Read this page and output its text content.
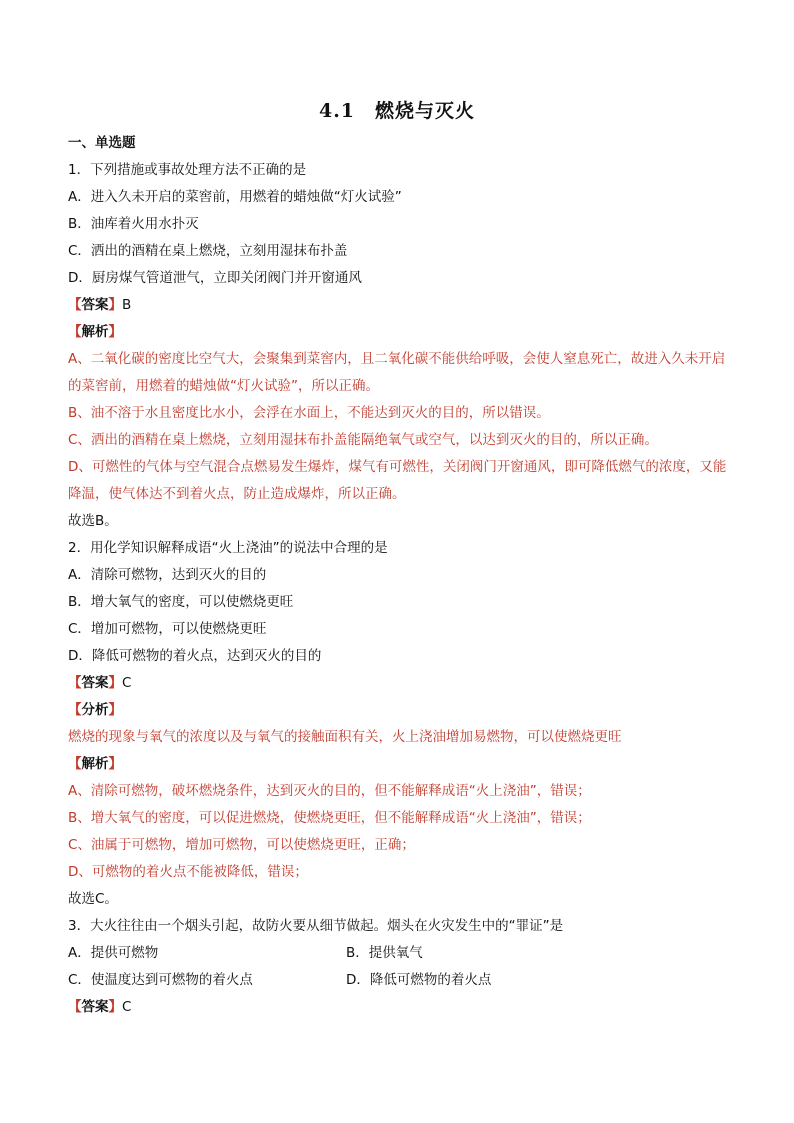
4.1　燃烧与灭火
一、单选题
1．下列措施或事故处理方法不正确的是
A．进入久未开启的菜窖前，用燃着的蜡烛做“灯火试验”
B．油库着火用水扑灭
C．洒出的酒精在桌上燃烧，立刻用湿抹布扑盖
D．厨房煤气管道泄气，立即关闭阀门并开窗通风
【答案】B
【解析】
A、二氧化碳的密度比空气大，会聚集到菜窖内，且二氧化碳不能供给呼吸，会使人窒息死亡，故进入久未开启的菜窖前，用燃着的蜡烛做“灯火试验”，所以正确。
B、油不溶于水且密度比水小，会浮在水面上，不能达到灭火的目的，所以错误。
C、洒出的酒精在桌上燃烧，立刻用湿抹布扑盖能隔绝氧气或空气，以达到灭火的目的，所以正确。
D、可燃性的气体与空气混合点燃易发生爆炸，煤气有可燃性，关闭阀门开窗通风，即可降低燃气的浓度，又能降温，使气体达不到着火点，防止造成爆炸，所以正确。
故选B。
2．用化学知识解释成语“火上浇油”的说法中合理的是
A．清除可燃物，达到灭火的目的
B．增大氧气的密度，可以使燃烧更旺
C．增加可燃物，可以使燃烧更旺
D．降低可燃物的着火点，达到灭火的目的
【答案】C
【分析】
燃烧的现象与氧气的浓度以及与氧气的接触面积有关，火上浇油增加易燃物，可以使燃烧更旺
【解析】
A、清除可燃物，破坏燃烧条件，达到灭火的目的，但不能解释成语“火上浇油”，错误；
B、增大氧气的密度，可以促进燃烧，使燃烧更旺，但不能解释成语“火上浇油”，错误；
C、油属于可燃物，增加可燃物，可以使燃烧更旺，正确；
D、可燃物的着火点不能被降低，错误；
故选C。
3．大火往往由一个烟头引起，故防火要从细节做起。烟头在火灾发生中的“罪证”是
A．提供可燃物	B．提供氧气
C．使温度达到可燃物的着火点	D．降低可燃物的着火点
【答案】C
